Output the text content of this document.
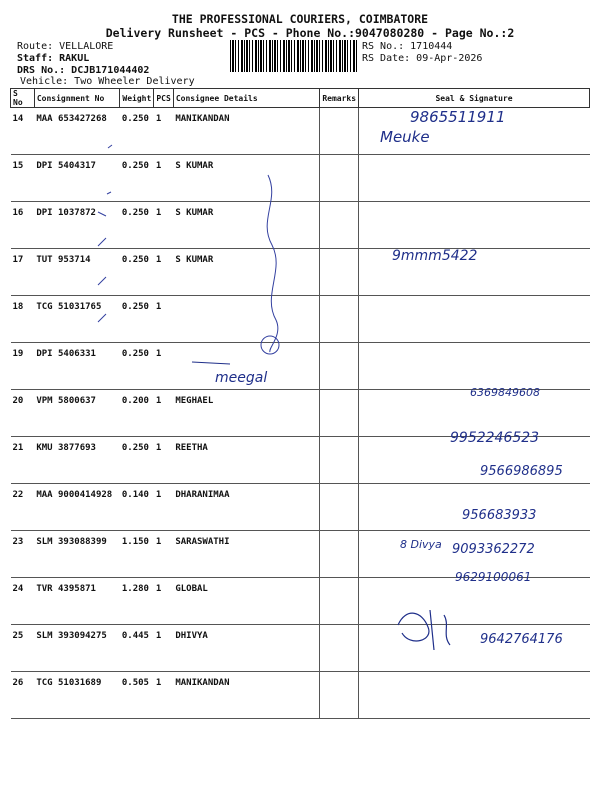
THE PROFESSIONAL COURIERS, COIMBATORE
Delivery Runsheet - PCS - Phone No.:9047080280 - Page No.:2
Route: VELLALORE
Staff: RAKUL
DRS No.: DCJB171044402
Vehicle: Two Wheeler Delivery
RS No.: 1710444
RS Date: 09-Apr-2026
S No	Consignment No	Weight	PCS	Consignee Details	Remarks	Seal & Signature
14	MAA 653427268	0.250	1	MANIKANDAN		
15	DPI 5404317	0.250	1	S KUMAR		
16	DPI 1037872	0.250	1	S KUMAR		
17	TUT 953714	0.250	1	S KUMAR		
18	TCG 51031765	0.250	1			
19	DPI 5406331	0.250	1			
20	VPM 5800637	0.200	1	MEGHAEL		
21	KMU 3877693	0.250	1	REETHA		
22	MAA 9000414928	0.140	1	DHARANIMAA		
23	SLM 393088399	1.150	1	SARASWATHI		
24	TVR 4395871	1.280	1	GLOBAL		
25	SLM 393094275	0.445	1	DHIVYA		
26	TCG 51031689	0.505	1	MANIKANDAN		
9865511911
Meuke
9mmm5422
meegal
6369849608
9952246523
9566986895
956683933
8 Divya 9093362272
9629100061
9642764176
